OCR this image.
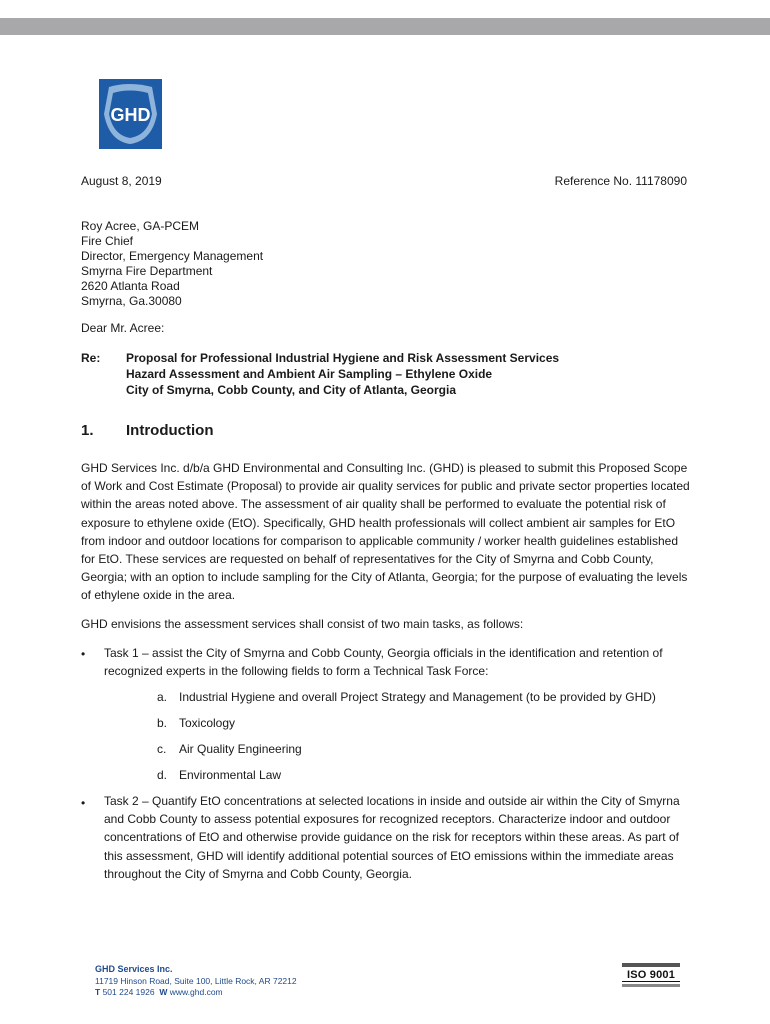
GHD
August 8, 2019	Reference No. 11178090
Roy Acree, GA-PCEM
Fire Chief
Director, Emergency Management
Smyrna Fire Department
2620 Atlanta Road
Smyrna, Ga.30080
Dear Mr. Acree:
Re: Proposal for Professional Industrial Hygiene and Risk Assessment Services
Hazard Assessment and Ambient Air Sampling – Ethylene Oxide
City of Smyrna, Cobb County, and City of Atlanta, Georgia
1. Introduction
GHD Services Inc. d/b/a GHD Environmental and Consulting Inc. (GHD) is pleased to submit this Proposed Scope of Work and Cost Estimate (Proposal) to provide air quality services for public and private sector properties located within the areas noted above. The assessment of air quality shall be performed to evaluate the potential risk of exposure to ethylene oxide (EtO). Specifically, GHD health professionals will collect ambient air samples for EtO from indoor and outdoor locations for comparison to applicable community / worker health guidelines established for EtO. These services are requested on behalf of representatives for the City of Smyrna and Cobb County, Georgia; with an option to include sampling for the City of Atlanta, Georgia; for the purpose of evaluating the levels of ethylene oxide in the area.
GHD envisions the assessment services shall consist of two main tasks, as follows:
• Task 1 – assist the City of Smyrna and Cobb County, Georgia officials in the identification and retention of recognized experts in the following fields to form a Technical Task Force:
a. Industrial Hygiene and overall Project Strategy and Management (to be provided by GHD)
b. Toxicology
c. Air Quality Engineering
d. Environmental Law
• Task 2 – Quantify EtO concentrations at selected locations in inside and outside air within the City of Smyrna and Cobb County to assess potential exposures for recognized receptors. Characterize indoor and outdoor concentrations of EtO and otherwise provide guidance on the risk for receptors within these areas. As part of this assessment, GHD will identify additional potential sources of EtO emissions within the immediate areas throughout the City of Smyrna and Cobb County, Georgia.
GHD Services Inc.
11719 Hinson Road, Suite 100, Little Rock, AR 72212
T 501 224 1926 W www.ghd.com
ISO 9001
